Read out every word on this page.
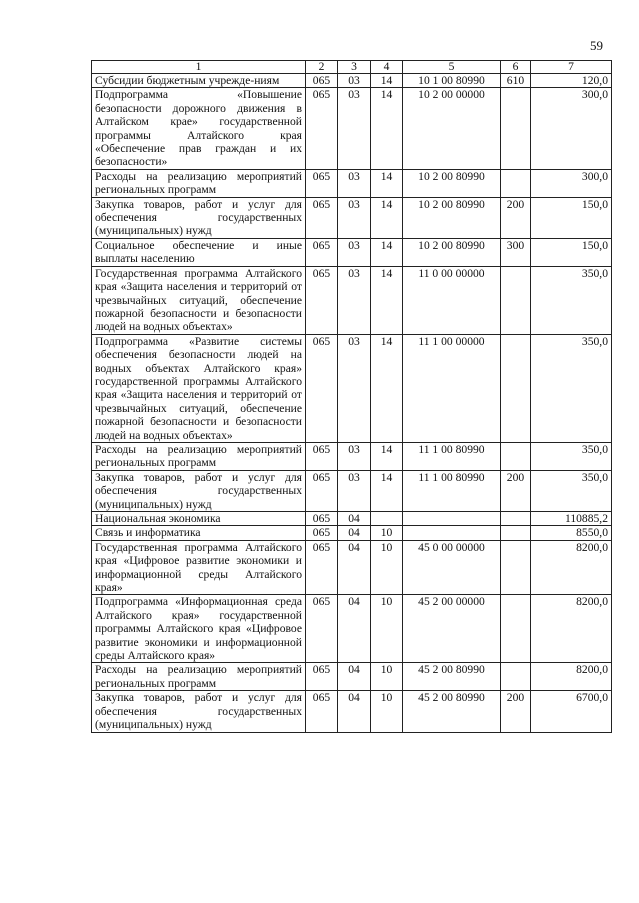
59
1	2	3	4	5	6	7
Субсидии бюджетным учрежде-ниям	065	03	14	10 1 00 80990	610	120,0
Подпрограмма «Повышение безопасности дорожного движения в Алтайском крае» государственной программы Алтайского края «Обеспечение прав граждан и их безопасности»	065	03	14	10 2 00 00000		300,0
Расходы на реализацию мероприятий региональных программ	065	03	14	10 2 00 80990		300,0
Закупка товаров, работ и услуг для обеспечения государственных (муниципальных) нужд	065	03	14	10 2 00 80990	200	150,0
Социальное обеспечение и иные выплаты населению	065	03	14	10 2 00 80990	300	150,0
Государственная программа Алтайского края «Защита населения и территорий от чрезвычайных ситуаций, обеспечение пожарной безопасности и безопасности людей на водных объектах»	065	03	14	11 0 00 00000		350,0
Подпрограмма «Развитие системы обеспечения безопасности людей на водных объектах Алтайского края» государственной программы Алтайского края «Защита населения и территорий от чрезвычайных ситуаций, обеспечение пожарной безопасности и безопасности людей на водных объектах»	065	03	14	11 1 00 00000		350,0
Расходы на реализацию мероприятий региональных программ	065	03	14	11 1 00 80990		350,0
Закупка товаров, работ и услуг для обеспечения государственных (муниципальных) нужд	065	03	14	11 1 00 80990	200	350,0
Национальная экономика	065	04				110885,2
Связь и информатика	065	04	10			8550,0
Государственная программа Алтайского края «Цифровое развитие экономики и информационной среды Алтайского края»	065	04	10	45 0 00 00000		8200,0
Подпрограмма «Информационная среда Алтайского края» государственной программы Алтайского края «Цифровое развитие экономики и информационной среды Алтайского края»	065	04	10	45 2 00 00000		8200,0
Расходы на реализацию мероприятий региональных программ	065	04	10	45 2 00 80990		8200,0
Закупка товаров, работ и услуг для обеспечения государственных (муниципальных) нужд	065	04	10	45 2 00 80990	200	6700,0
